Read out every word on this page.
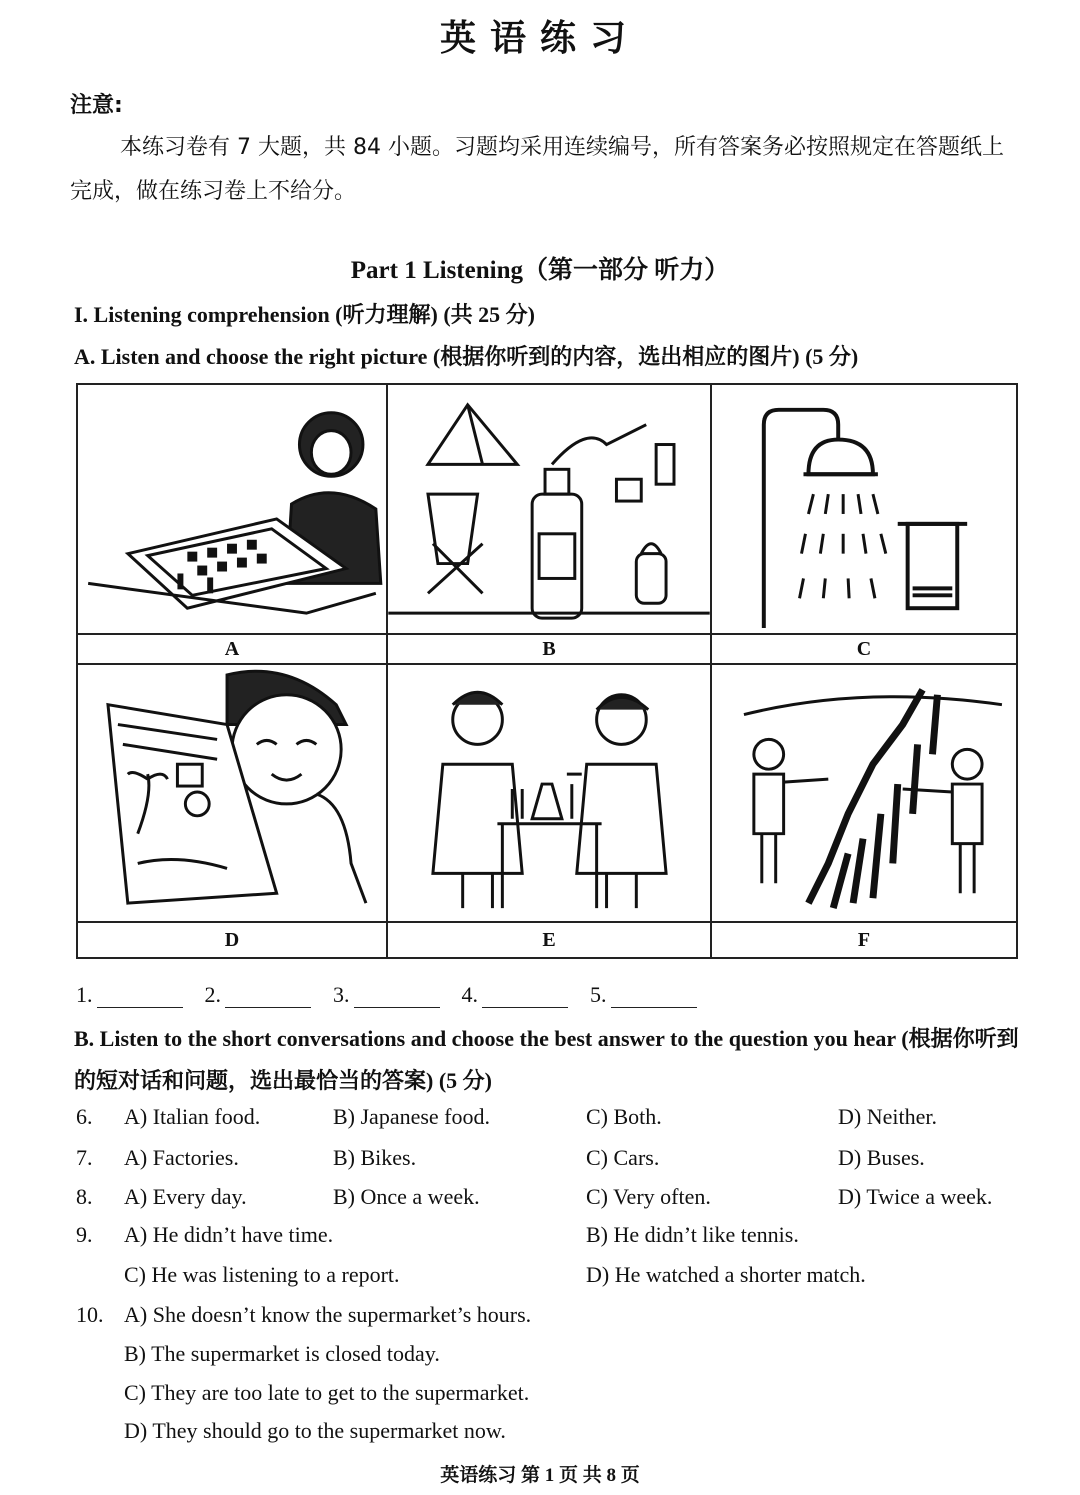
英语练习
注意:
本练习卷有 7 大题，共 84 小题。习题均采用连续编号，所有答案务必按照规定在答题纸上完成，做在练习卷上不给分。
Part 1 Listening（第一部分 听力）
I. Listening comprehension (听力理解) (共 25 分)
A. Listen and choose the right picture (根据你听到的内容，选出相应的图片) (5 分)
A	B	C
D	E	F
1.	2.	3.	4.	5.
B. Listen to the short conversations and choose the best answer to the question you hear (根据你听到的短对话和问题，选出最恰当的答案) (5 分)
6. A) Italian food.	B) Japanese food.	C) Both.	D) Neither.
7. A) Factories.	B) Bikes.	C) Cars.	D) Buses.
8. A) Every day.	B) Once a week.	C) Very often.	D) Twice a week.
9. A) He didn’t have time.	B) He didn’t like tennis.
C) He was listening to a report.	D) He watched a shorter match.
10. A) She doesn’t know the supermarket’s hours.
B) The supermarket is closed today.
C) They are too late to get to the supermarket.
D) They should go to the supermarket now.
英语练习 第 1 页 共 8 页
